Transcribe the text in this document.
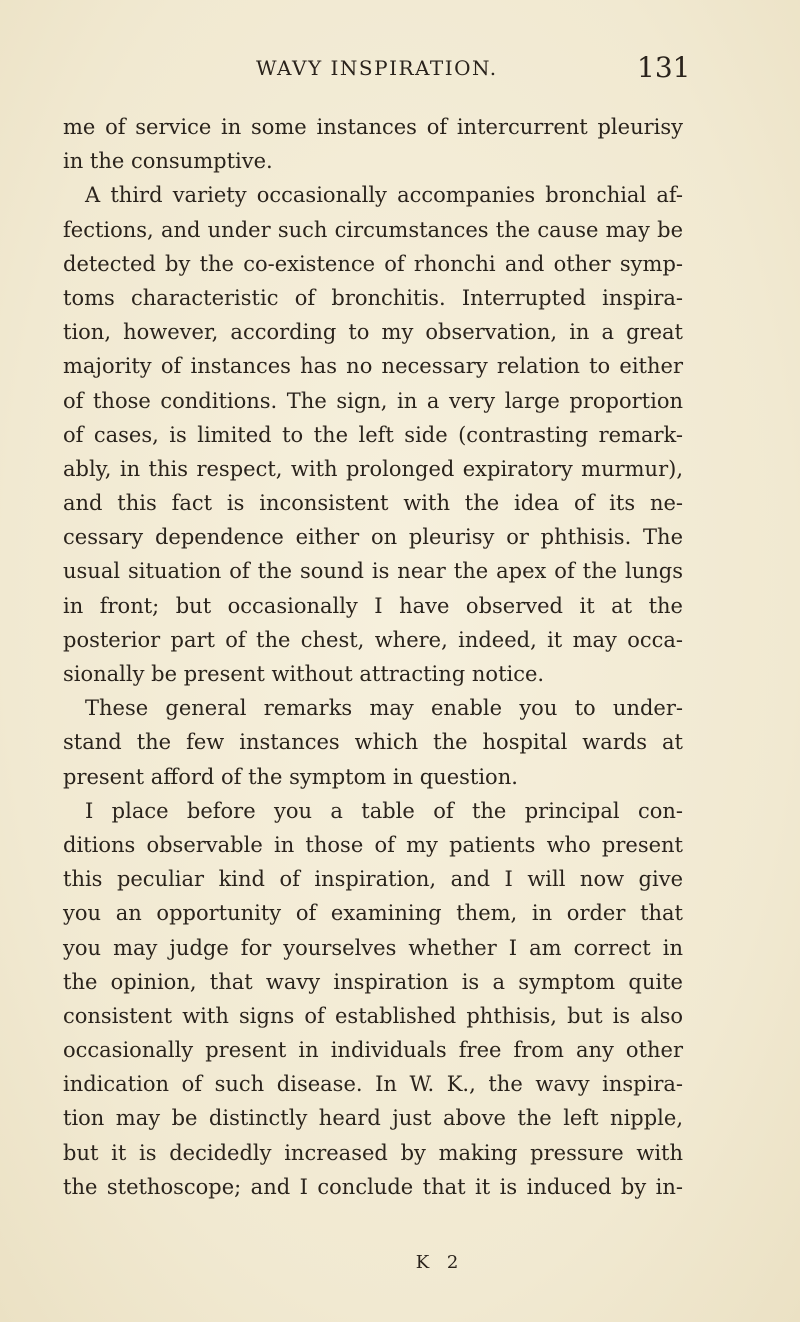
WAVY INSPIRATION.	131
me of service in some instances of intercurrent pleurisy
in the consumptive.
A third variety occasionally accompanies bronchial af-
fections, and under such circumstances the cause may be
detected by the co-existence of rhonchi and other symp-
toms characteristic of bronchitis. Interrupted inspira-
tion, however, according to my observation, in a great
majority of instances has no necessary relation to either
of those conditions. The sign, in a very large proportion
of cases, is limited to the left side (contrasting remark-
ably, in this respect, with prolonged expiratory murmur),
and this fact is inconsistent with the idea of its ne-
cessary dependence either on pleurisy or phthisis. The
usual situation of the sound is near the apex of the lungs
in front; but occasionally I have observed it at the
posterior part of the chest, where, indeed, it may occa-
sionally be present without attracting notice.
These general remarks may enable you to under-
stand the few instances which the hospital wards at
present afford of the symptom in question.
I place before you a table of the principal con-
ditions observable in those of my patients who present
this peculiar kind of inspiration, and I will now give
you an opportunity of examining them, in order that
you may judge for yourselves whether I am correct in
the opinion, that wavy inspiration is a symptom quite
consistent with signs of established phthisis, but is also
occasionally present in individuals free from any other
indication of such disease. In W. K., the wavy inspira-
tion may be distinctly heard just above the left nipple,
but it is decidedly increased by making pressure with
the stethoscope; and I conclude that it is induced by in-
K 2
